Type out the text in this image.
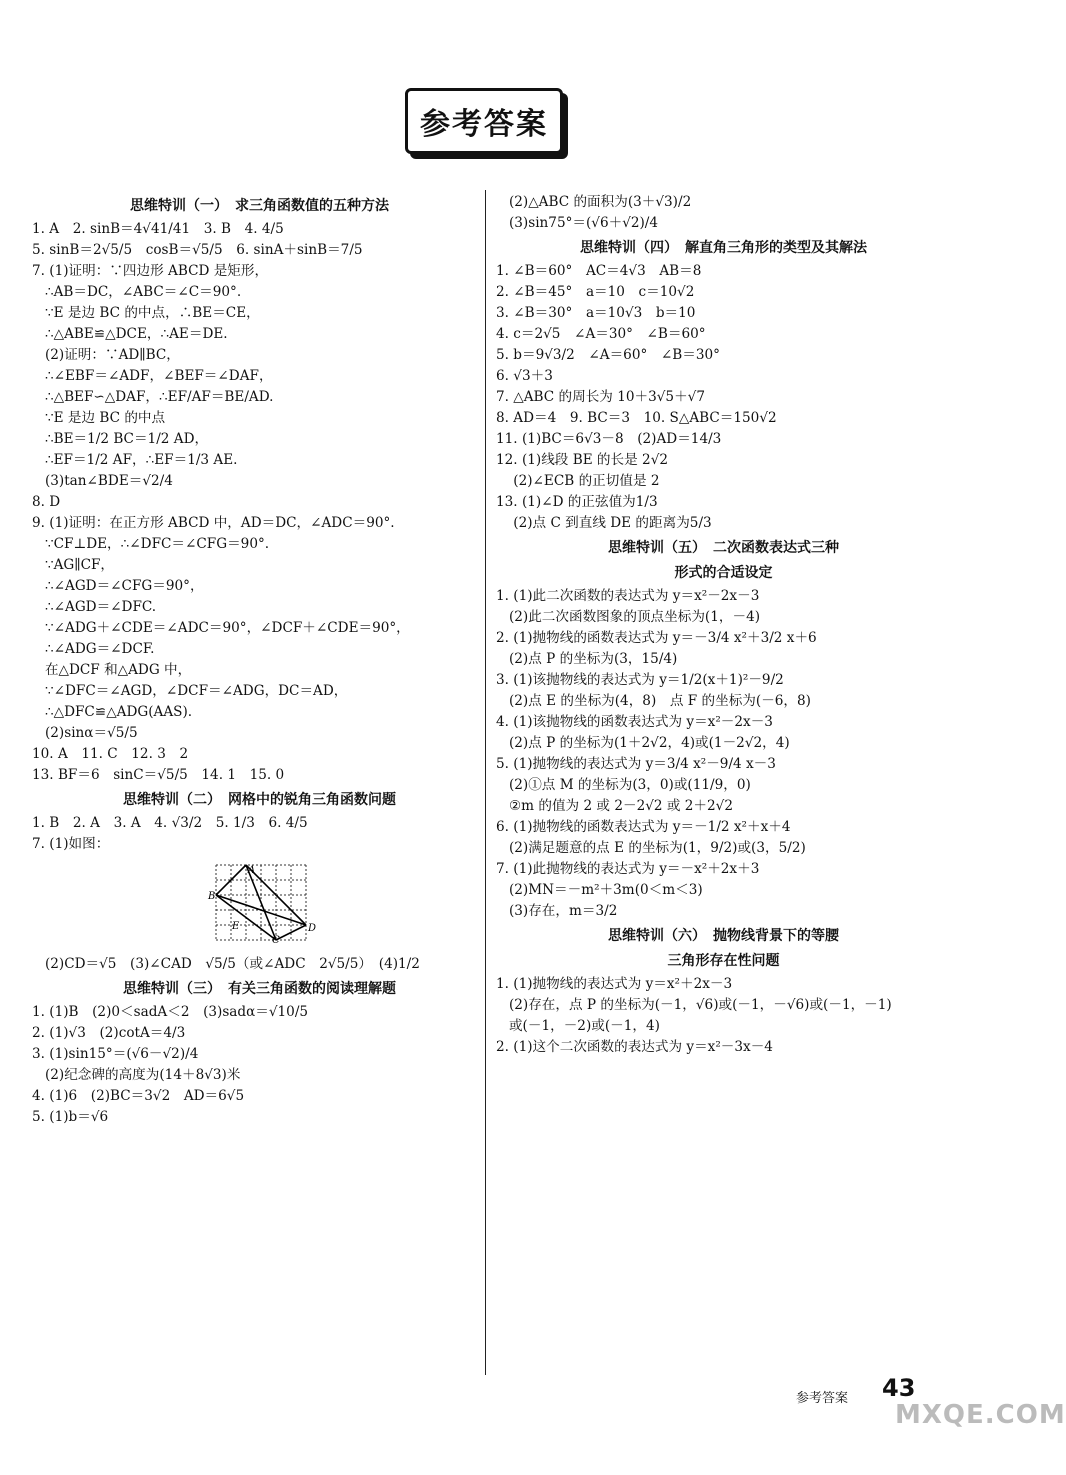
参考答案
思维特训（一）　求三角函数值的五种方法
1. A　2. sinB＝4√41/41　3. B　4. 4/5
5. sinB＝2√5/5　cosB＝√5/5　6. sinA＋sinB＝7/5
7. (1)证明：∵四边形 ABCD 是矩形，
∴AB＝DC，∠ABC＝∠C＝90°.
∵E 是边 BC 的中点，∴BE＝CE，
∴△ABE≌△DCE，∴AE＝DE.
(2)证明：∵AD∥BC，
∴∠EBF＝∠ADF，∠BEF＝∠DAF，
∴△BEF∽△DAF，∴EF/AF＝BE/AD.
∵E 是边 BC 的中点
∴BE＝1/2 BC＝1/2 AD，
∴EF＝1/2 AF，∴EF＝1/3 AE.
(3)tan∠BDE＝√2/4
8. D
9. (1)证明：在正方形 ABCD 中，AD＝DC，∠ADC＝90°.
∵CF⊥DE，∴∠DFC＝∠CFG＝90°.
∵AG∥CF，
∴∠AGD＝∠CFG＝90°，
∴∠AGD＝∠DFC.
∵∠ADG＋∠CDE＝∠ADC＝90°，∠DCF＋∠CDE＝90°，
∴∠ADG＝∠DCF.
在△DCF 和△ADG 中，
∵∠DFC＝∠AGD，∠DCF＝∠ADG，DC＝AD，
∴△DFC≌△ADG(AAS).
(2)sinα＝√5/5
10. A　11. C　12. 3　2
13. BF＝6　sinC＝√5/5　14. 1　15. 0
思维特训（二）　网格中的锐角三角函数问题
1. B　2. A　3. A　4. √3/2　5. 1/3　6. 4/5
7. (1)如图：
A
B
E
C
D
(2)CD＝√5　(3)∠CAD　√5/5（或∠ADC　2√5/5）　(4)1/2
思维特训（三）　有关三角函数的阅读理解题
1. (1)B　(2)0＜sadA＜2　(3)sadα＝√10/5
2. (1)√3　(2)cotA＝4/3
3. (1)sin15°＝(√6－√2)/4
(2)纪念碑的高度为(14＋8√3)米
4. (1)6　(2)BC＝3√2　AD＝6√5
5. (1)b＝√6
(2)△ABC 的面积为(3＋√3)/2
(3)sin75°＝(√6＋√2)/4
思维特训（四）　解直角三角形的类型及其解法
1. ∠B＝60°　AC＝4√3　AB＝8
2. ∠B＝45°　a＝10　c＝10√2
3. ∠B＝30°　a＝10√3　b＝10
4. c＝2√5　∠A＝30°　∠B＝60°
5. b＝9√3/2　∠A＝60°　∠B＝30°
6. √3＋3
7. △ABC 的周长为 10＋3√5＋√7
8. AD＝4　9. BC＝3　10. S△ABC＝150√2
11. (1)BC＝6√3－8　(2)AD＝14/3
12. (1)线段 BE 的长是 2√2
(2)∠ECB 的正切值是 2
13. (1)∠D 的正弦值为1/3
(2)点 C 到直线 DE 的距离为5/3
思维特训（五）　二次函数表达式三种
形式的合适设定
1. (1)此二次函数的表达式为 y＝x²－2x－3
(2)此二次函数图象的顶点坐标为(1，－4)
2. (1)抛物线的函数表达式为 y＝－3/4 x²＋3/2 x＋6
(2)点 P 的坐标为(3，15/4)
3. (1)该抛物线的表达式为 y＝1/2(x＋1)²－9/2
(2)点 E 的坐标为(4，8)　点 F 的坐标为(－6，8)
4. (1)该抛物线的函数表达式为 y＝x²－2x－3
(2)点 P 的坐标为(1＋2√2，4)或(1－2√2，4)
5. (1)抛物线的表达式为 y＝3/4 x²－9/4 x－3
(2)①点 M 的坐标为(3，0)或(11/9，0)
②m 的值为 2 或 2－2√2 或 2＋2√2
6. (1)抛物线的函数表达式为 y＝－1/2 x²＋x＋4
(2)满足题意的点 E 的坐标为(1，9/2)或(3，5/2)
7. (1)此抛物线的表达式为 y＝－x²＋2x＋3
(2)MN＝－m²＋3m(0＜m＜3)
(3)存在，m＝3/2
思维特训（六）　抛物线背景下的等腰
三角形存在性问题
1. (1)抛物线的表达式为 y＝x²＋2x－3
(2)存在，点 P 的坐标为(－1，√6)或(－1，－√6)或(－1，－1)
或(－1，－2)或(－1，4)
2. (1)这个二次函数的表达式为 y＝x²－3x－4
参考答案 43
MXQE.COM
